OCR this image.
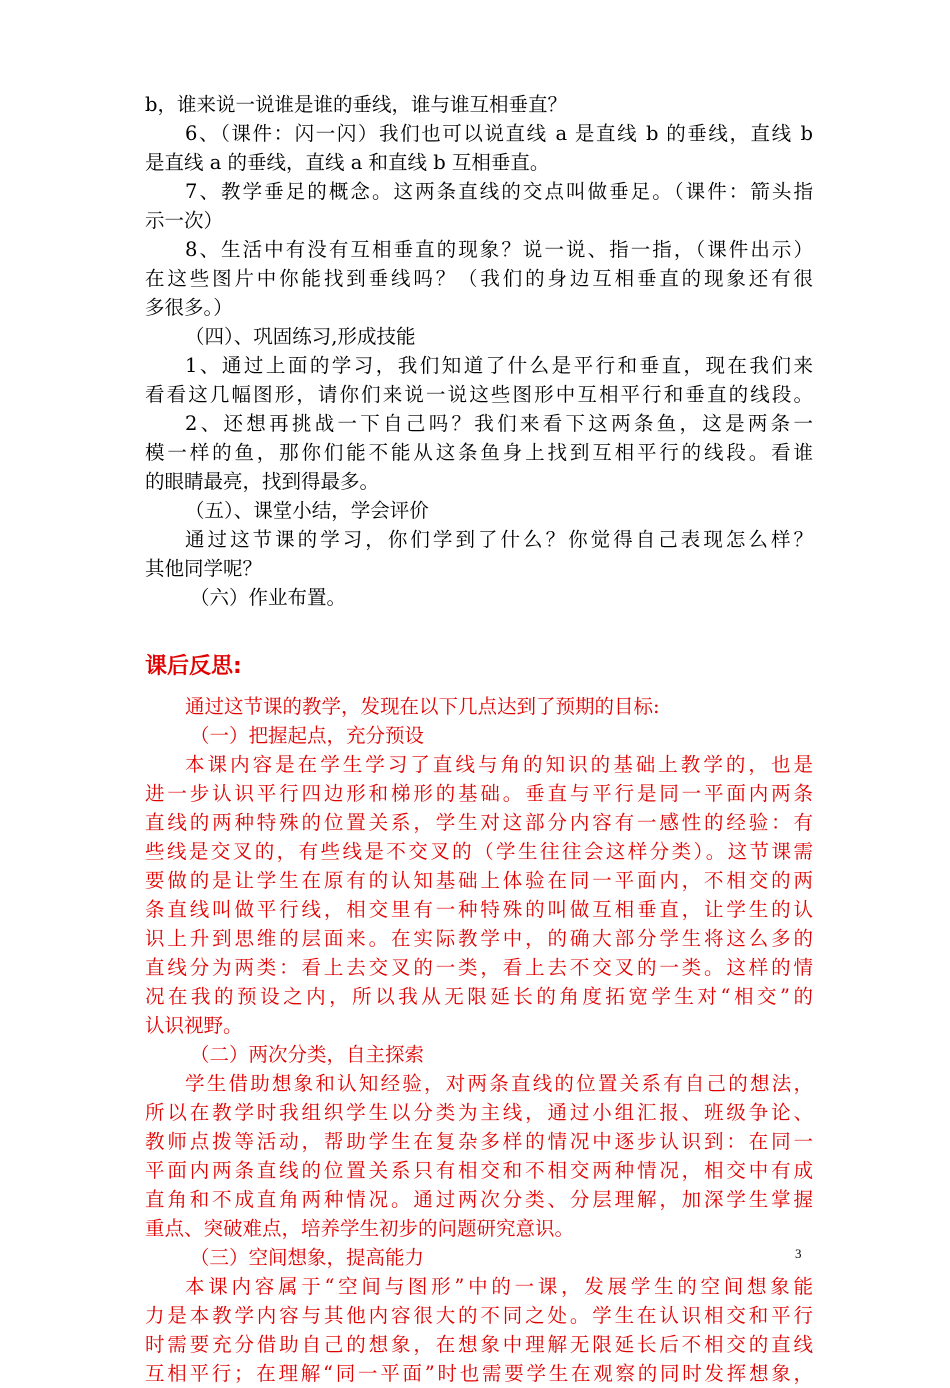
b，谁来说一说谁是谁的垂线，谁与谁互相垂直？
6、（课件：闪一闪）我们也可以说直线 a 是直线 b 的垂线，直线 b
是直线 a 的垂线，直线 a 和直线 b 互相垂直。
7、教学垂足的概念。这两条直线的交点叫做垂足。（课件：箭头指
示一次）
8、生活中有没有互相垂直的现象？说一说、指一指，（课件出示）
在这些图片中你能找到垂线吗？（我们的身边互相垂直的现象还有很
多很多。）
（四）、巩固练习,形成技能
1、通过上面的学习，我们知道了什么是平行和垂直，现在我们来
看看这几幅图形，请你们来说一说这些图形中互相平行和垂直的线段。
2、还想再挑战一下自己吗？我们来看下这两条鱼，这是两条一
模一样的鱼，那你们能不能从这条鱼身上找到互相平行的线段。看谁
的眼睛最亮，找到得最多。
（五）、课堂小结，学会评价
通过这节课的学习，你们学到了什么？你觉得自己表现怎么样？
其他同学呢？
（六）作业布置。
课后反思:
通过这节课的教学，发现在以下几点达到了预期的目标:
（一）把握起点，充分预设
本课内容是在学生学习了直线与角的知识的基础上教学的，也是
进一步认识平行四边形和梯形的基础。垂直与平行是同一平面内两条
直线的两种特殊的位置关系，学生对这部分内容有一感性的经验：有
些线是交叉的，有些线是不交叉的（学生往往会这样分类）。这节课需
要做的是让学生在原有的认知基础上体验在同一平面内，不相交的两
条直线叫做平行线，相交里有一种特殊的叫做互相垂直，让学生的认
识上升到思维的层面来。在实际教学中，的确大部分学生将这么多的
直线分为两类：看上去交叉的一类，看上去不交叉的一类。这样的情
况在我的预设之内，所以我从无限延长的角度拓宽学生对“相交”的
认识视野。
（二）两次分类，自主探索
学生借助想象和认知经验，对两条直线的位置关系有自己的想法，
所以在教学时我组织学生以分类为主线，通过小组汇报、班级争论、
教师点拨等活动，帮助学生在复杂多样的情况中逐步认识到：在同一
平面内两条直线的位置关系只有相交和不相交两种情况，相交中有成
直角和不成直角两种情况。通过两次分类、分层理解，加深学生掌握
重点、突破难点，培养学生初步的问题研究意识。
（三）空间想象，提高能力
本课内容属于“空间与图形”中的一课，发展学生的空间想象能
力是本教学内容与其他内容很大的不同之处。学生在认识相交和平行
时需要充分借助自己的想象，在想象中理解无限延长后不相交的直线
互相平行；在理解“同一平面”时也需要学生在观察的同时发挥想象，
3
